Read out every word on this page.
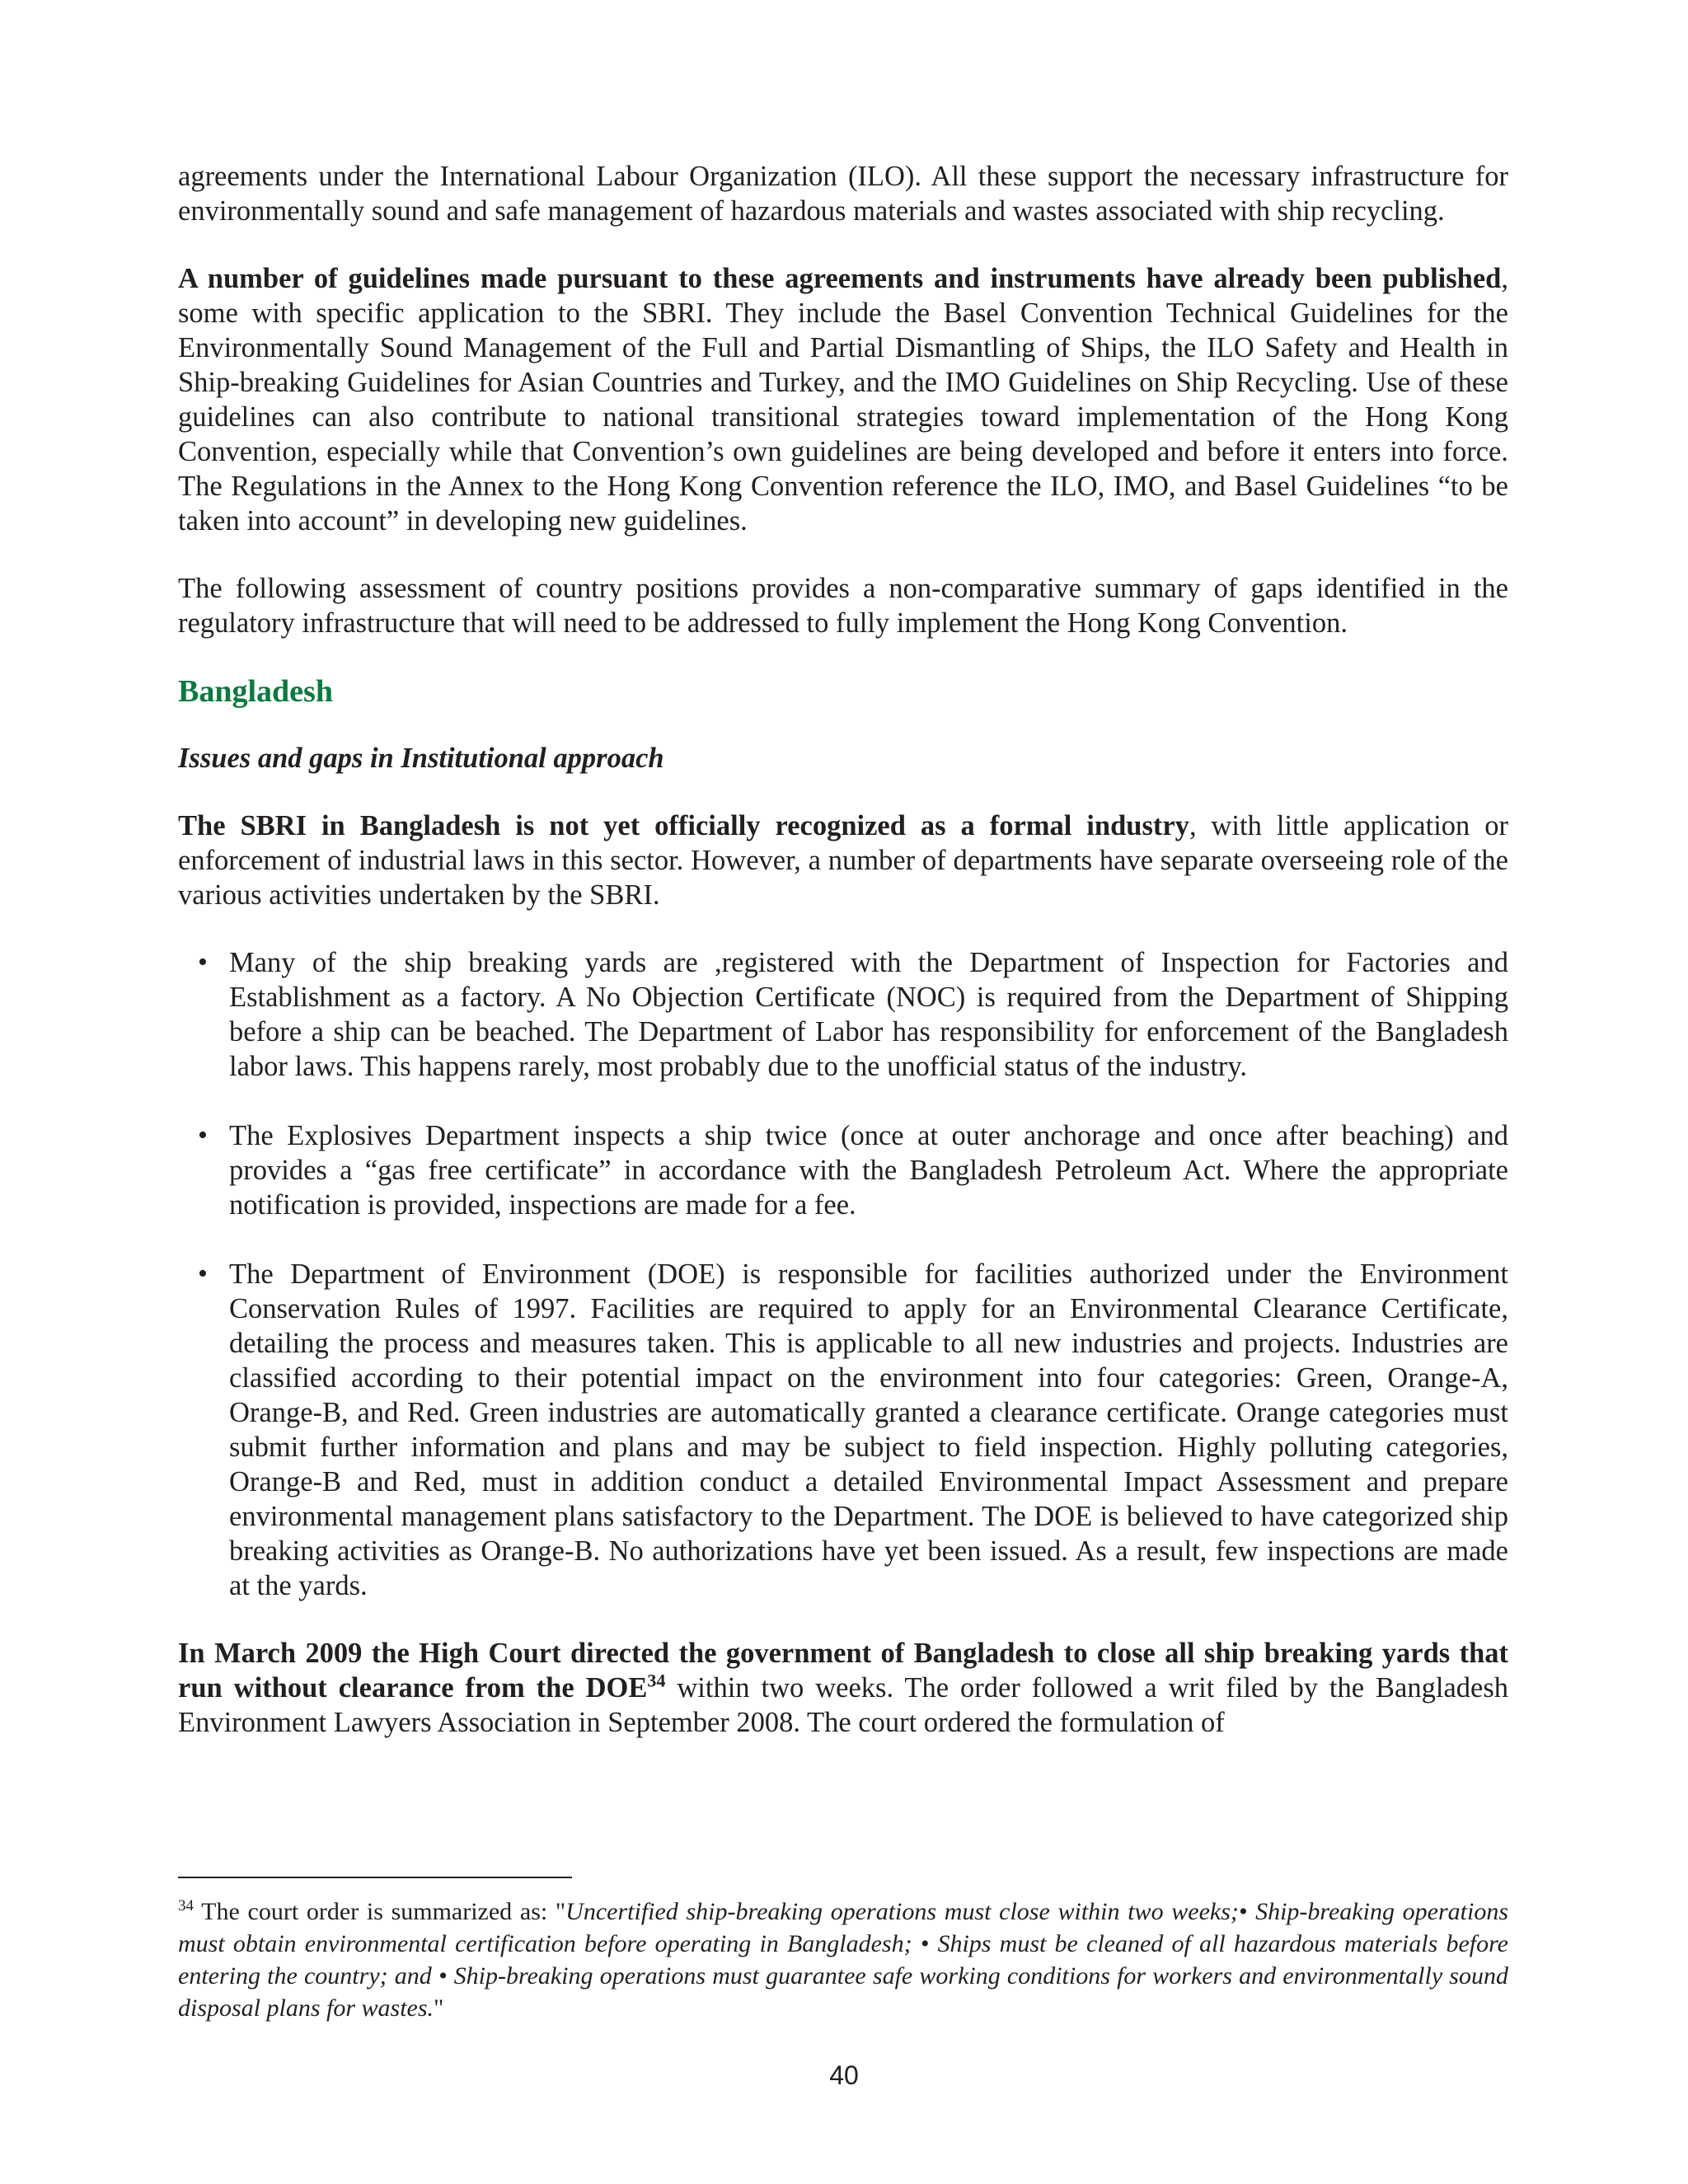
agreements under the International Labour Organization (ILO). All these support the necessary infrastructure for environmentally sound and safe management of hazardous materials and wastes associated with ship recycling.

A number of guidelines made pursuant to these agreements and instruments have already been published, some with specific application to the SBRI. They include the Basel Convention Technical Guidelines for the Environmentally Sound Management of the Full and Partial Dismantling of Ships, the ILO Safety and Health in Ship-breaking Guidelines for Asian Countries and Turkey, and the IMO Guidelines on Ship Recycling. Use of these guidelines can also contribute to national transitional strategies toward implementation of the Hong Kong Convention, especially while that Convention’s own guidelines are being developed and before it enters into force. The Regulations in the Annex to the Hong Kong Convention reference the ILO, IMO, and Basel Guidelines “to be taken into account” in developing new guidelines.

The following assessment of country positions provides a non-comparative summary of gaps identified in the regulatory infrastructure that will need to be addressed to fully implement the Hong Kong Convention.

Bangladesh

Issues and gaps in Institutional approach

The SBRI in Bangladesh is not yet officially recognized as a formal industry, with little application or enforcement of industrial laws in this sector. However, a number of departments have separate overseeing role of the various activities undertaken by the SBRI.

• Many of the ship breaking yards are ,registered with the Department of Inspection for Factories and Establishment as a factory. A No Objection Certificate (NOC) is required from the Department of Shipping before a ship can be beached. The Department of Labor has responsibility for enforcement of the Bangladesh labor laws. This happens rarely, most probably due to the unofficial status of the industry.
• The Explosives Department inspects a ship twice (once at outer anchorage and once after beaching) and provides a “gas free certificate” in accordance with the Bangladesh Petroleum Act. Where the appropriate notification is provided, inspections are made for a fee.
• The Department of Environment (DOE) is responsible for facilities authorized under the Environment Conservation Rules of 1997. Facilities are required to apply for an Environmental Clearance Certificate, detailing the process and measures taken. This is applicable to all new industries and projects. Industries are classified according to their potential impact on the environment into four categories: Green, Orange-A, Orange-B, and Red. Green industries are automatically granted a clearance certificate. Orange categories must submit further information and plans and may be subject to field inspection. Highly polluting categories, Orange-B and Red, must in addition conduct a detailed Environmental Impact Assessment and prepare environmental management plans satisfactory to the Department. The DOE is believed to have categorized ship breaking activities as Orange-B. No authorizations have yet been issued. As a result, few inspections are made at the yards.

In March 2009 the High Court directed the government of Bangladesh to close all ship breaking yards that run without clearance from the DOE$^{34}$ within two weeks. The order followed a writ filed by the Bangladesh Environment Lawyers Association in September 2008. The court ordered the formulation of

$^{34}$ The court order is summarized as: "Uncertified ship-breaking operations must close within two weeks;• Ship-breaking operations must obtain environmental certification before operating in Bangladesh; • Ships must be cleaned of all hazardous materials before entering the country; and • Ship-breaking operations must guarantee safe working conditions for workers and environmentally sound disposal plans for wastes."
40
